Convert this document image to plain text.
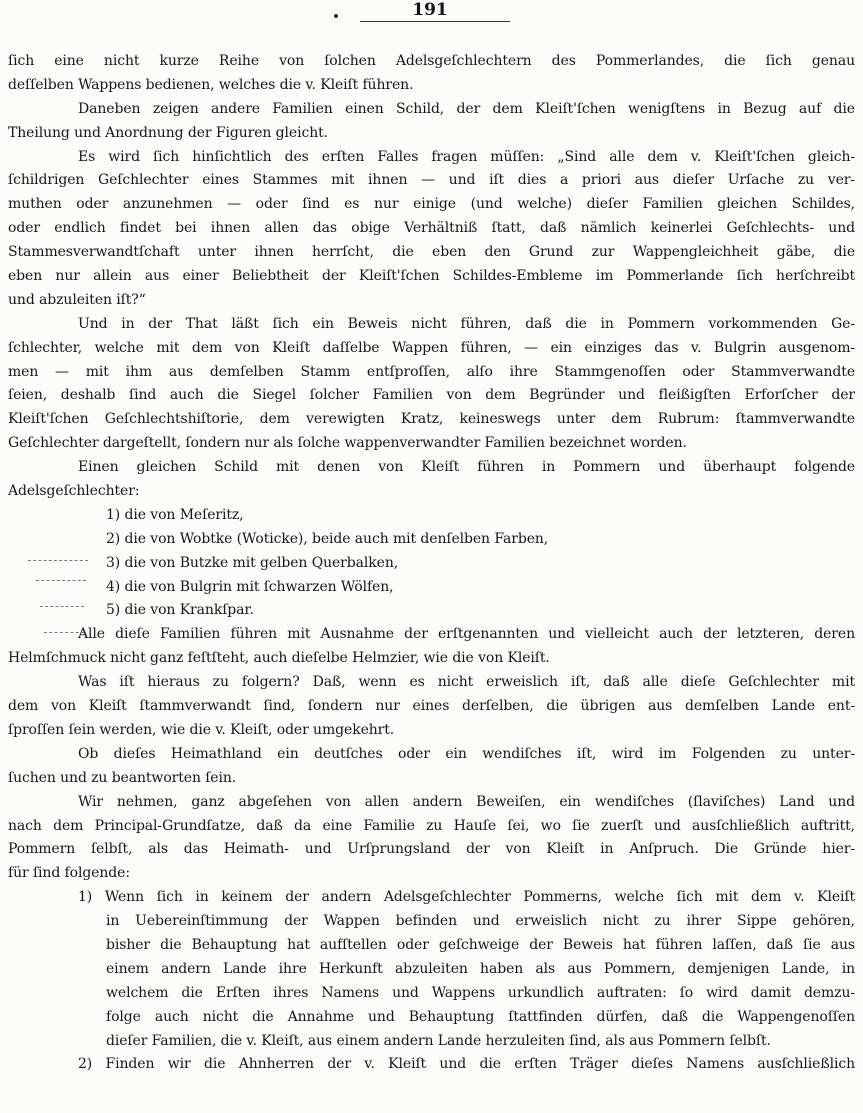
191
ſich eine nicht kurze Reihe von ſolchen Adelsgeſchlechtern des Pommerlandes, die ſich genau
deſſelben Wappens bedienen, welches die v. Kleiſt führen.
Daneben zeigen andere Familien einen Schild, der dem Kleiſt'ſchen wenigſtens in Bezug auf die
Theilung und Anordnung der Figuren gleicht.
Es wird ſich hinſichtlich des erſten Falles fragen müſſen: „Sind alle dem v. Kleiſt'ſchen gleich-
ſchildrigen Geſchlechter eines Stammes mit ihnen — und iſt dies a priori aus dieſer Urſache zu ver-
muthen oder anzunehmen — oder ſind es nur einige (und welche) dieſer Familien gleichen Schildes,
oder endlich findet bei ihnen allen das obige Verhältniß ſtatt, daß nämlich keinerlei Geſchlechts- und
Stammesverwandtſchaft unter ihnen herrſcht, die eben den Grund zur Wappengleichheit gäbe, die
eben nur allein aus einer Beliebtheit der Kleiſt'ſchen Schildes-Embleme im Pommerlande ſich herſchreibt
und abzuleiten iſt?“
Und in der That läßt ſich ein Beweis nicht führen, daß die in Pommern vorkommenden Ge-
ſchlechter, welche mit dem von Kleiſt daſſelbe Wappen führen, — ein einziges das v. Bulgrin ausgenom-
men — mit ihm aus demſelben Stamm entſproſſen, alſo ihre Stammgenoſſen oder Stammverwandte
ſeien, deshalb ſind auch die Siegel ſolcher Familien von dem Begründer und fleißigſten Erforſcher der
Kleiſt'ſchen Geſchlechtshiſtorie, dem verewigten Kratz, keineswegs unter dem Rubrum: ſtammverwandte
Geſchlechter dargeſtellt, ſondern nur als ſolche wappenverwandter Familien bezeichnet worden.
Einen gleichen Schild mit denen von Kleiſt führen in Pommern und überhaupt folgende
Adelsgeſchlechter:
1) die von Meſeritz,
2) die von Wobtke (Woticke), beide auch mit denſelben Farben,
3) die von Butzke mit gelben Querbalken,
4) die von Bulgrin mit ſchwarzen Wölfen,
5) die von Krankſpar.
Alle dieſe Familien führen mit Ausnahme der erſtgenannten und vielleicht auch der letzteren, deren
Helmſchmuck nicht ganz feſtſteht, auch dieſelbe Helmzier, wie die von Kleiſt.
Was iſt hieraus zu folgern? Daß, wenn es nicht erweislich iſt, daß alle dieſe Geſchlechter mit
dem von Kleiſt ſtammverwandt ſind, ſondern nur eines derſelben, die übrigen aus demſelben Lande ent-
ſproſſen ſein werden, wie die v. Kleiſt, oder umgekehrt.
Ob dieſes Heimathland ein deutſches oder ein wendiſches iſt, wird im Folgenden zu unter-
ſuchen und zu beantworten ſein.
Wir nehmen, ganz abgeſehen von allen andern Beweiſen, ein wendiſches (ſlaviſches) Land und
nach dem Principal-Grundſatze, daß da eine Familie zu Hauſe ſei, wo ſie zuerſt und ausſchließlich auftritt,
Pommern ſelbſt, als das Heimath- und Urſprungsland der von Kleiſt in Anſpruch. Die Gründe hier-
für ſind folgende:
1) Wenn ſich in keinem der andern Adelsgeſchlechter Pommerns, welche ſich mit dem v. Kleiſt
in Uebereinſtimmung der Wappen befinden und erweislich nicht zu ihrer Sippe gehören,
bisher die Behauptung hat aufſtellen oder geſchweige der Beweis hat führen laſſen, daß ſie aus
einem andern Lande ihre Herkunft abzuleiten haben als aus Pommern, demjenigen Lande, in
welchem die Erſten ihres Namens und Wappens urkundlich auftraten: ſo wird damit demzu-
folge auch nicht die Annahme und Behauptung ſtattfinden dürfen, daß die Wappengenoſſen
dieſer Familien, die v. Kleiſt, aus einem andern Lande herzuleiten ſind, als aus Pommern ſelbſt.
2) Finden wir die Ahnherren der v. Kleiſt und die erſten Träger dieſes Namens ausſchließlich
